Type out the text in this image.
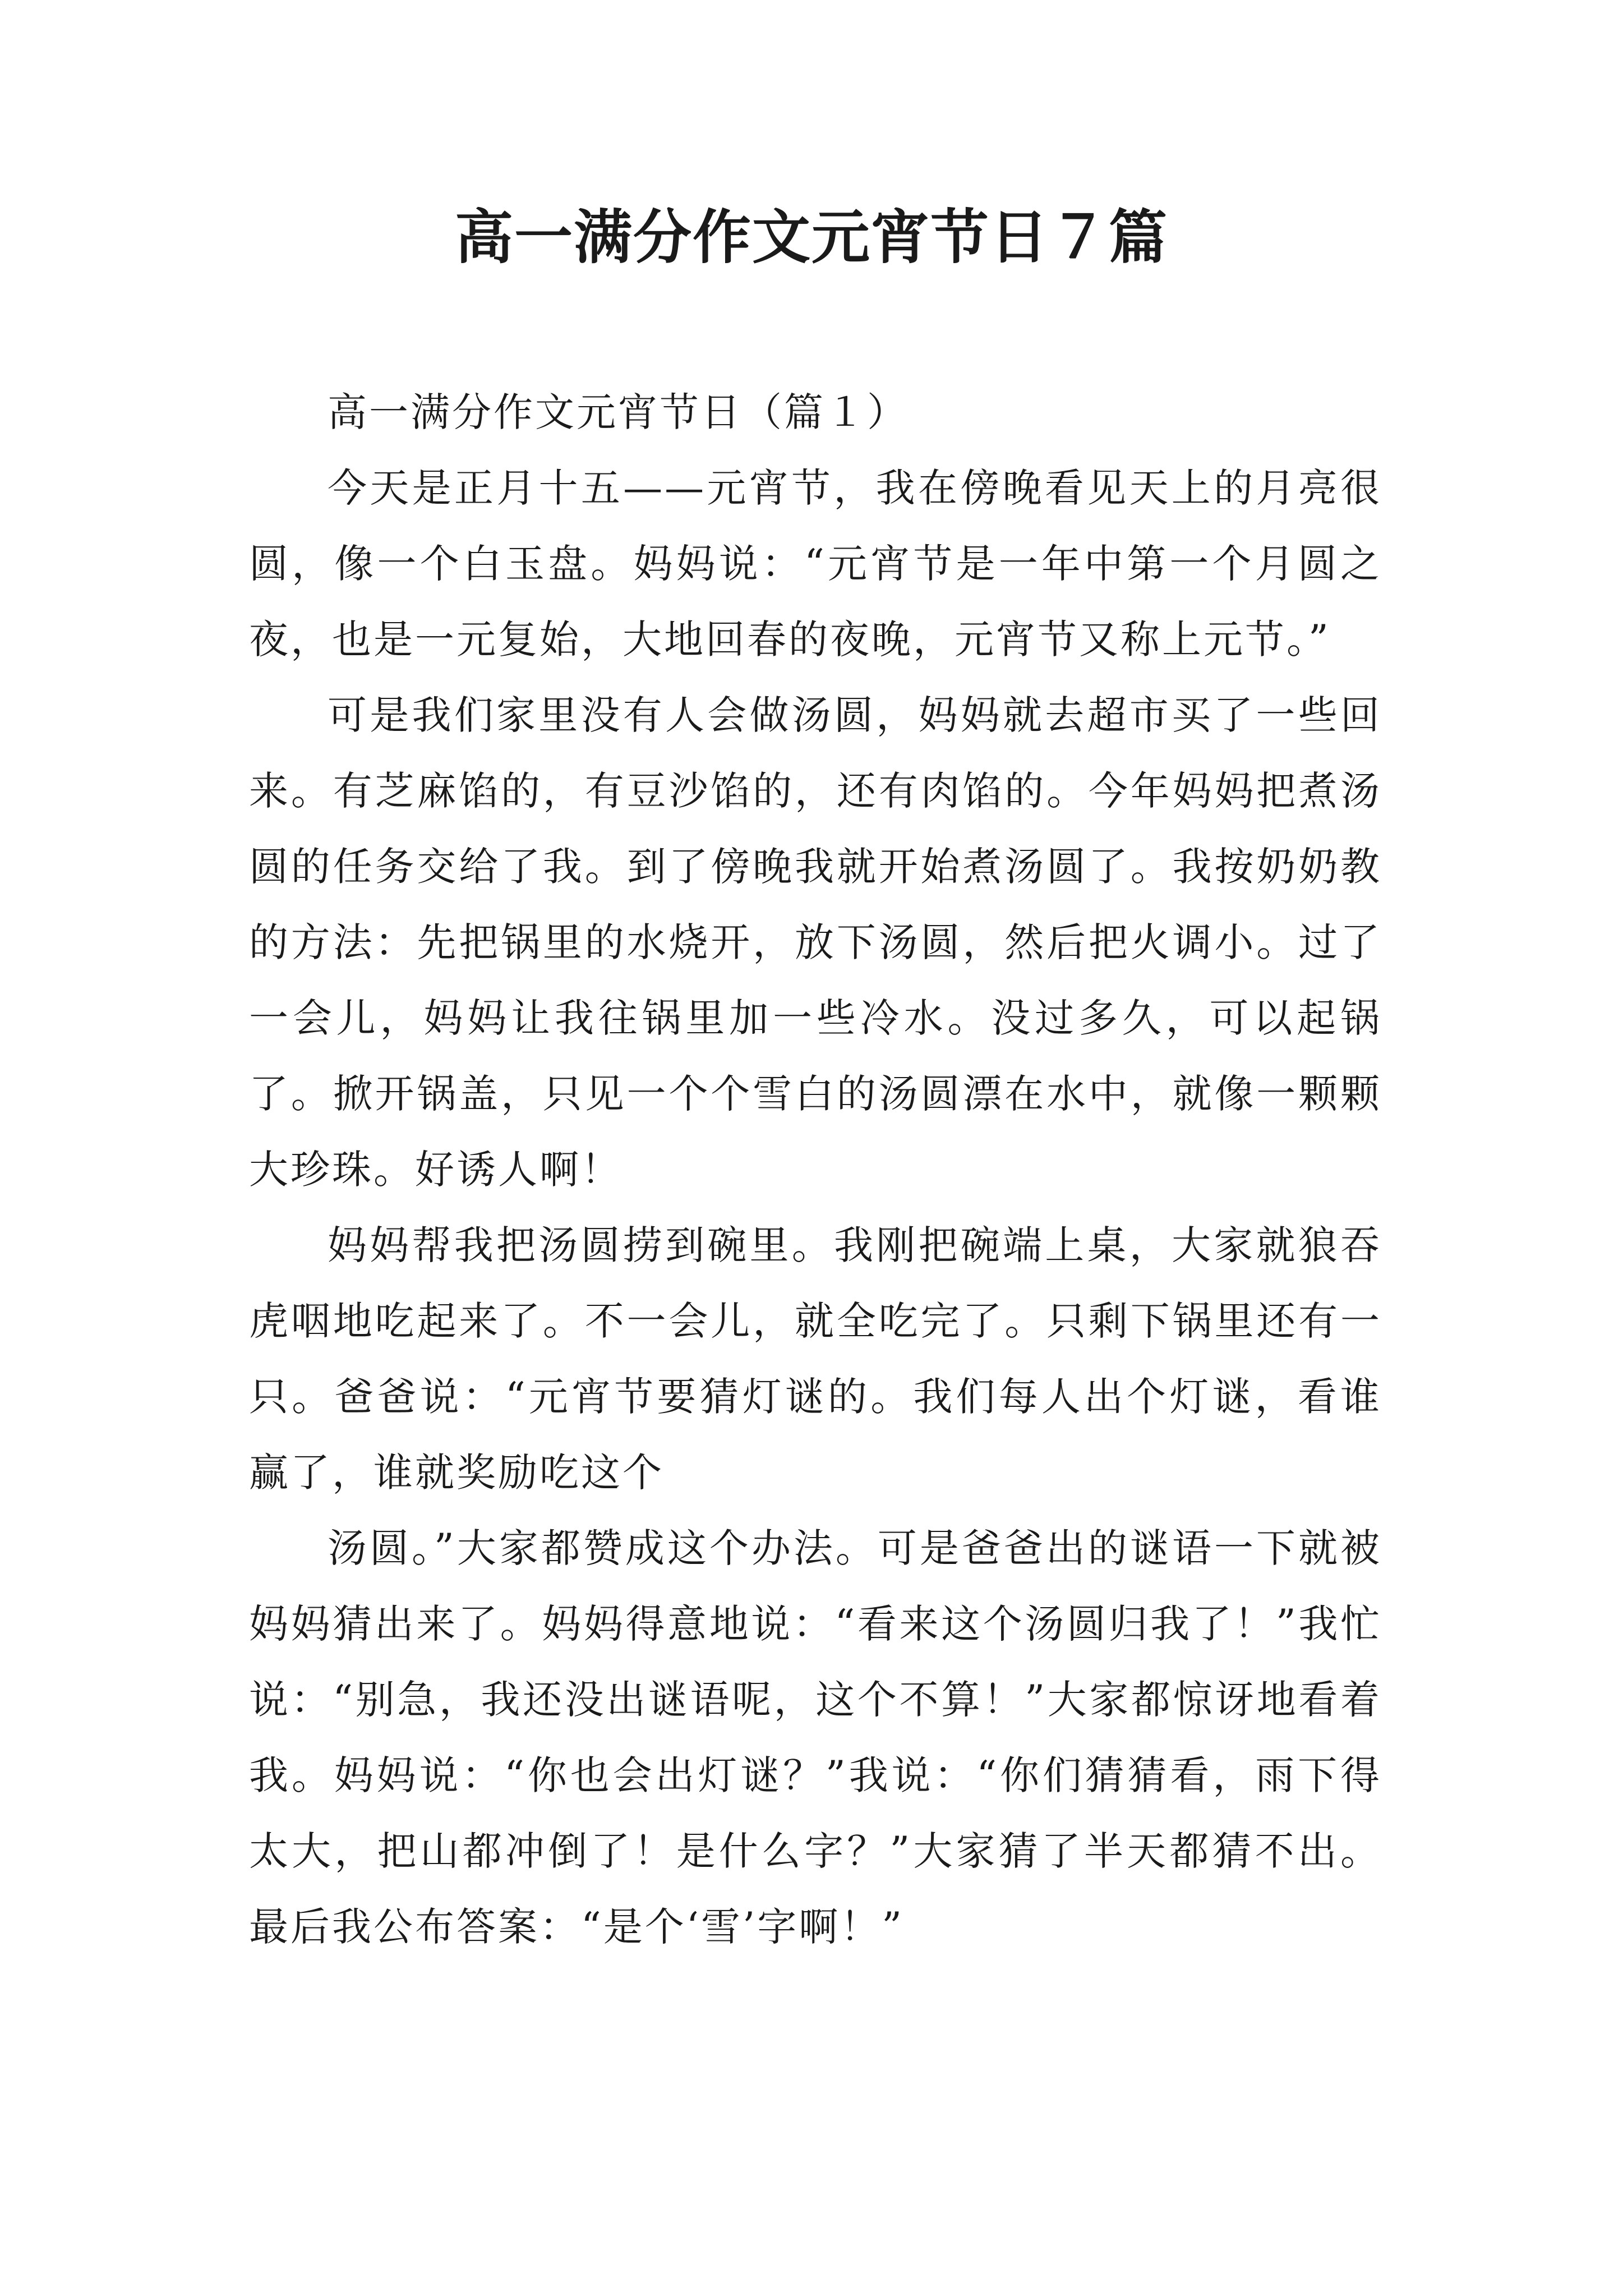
高一满分作文元宵节日７篇
高一满分作文元宵节日（篇１）

今天是正月十五——元宵节，我在傍晚看见天上的月亮很圆，像一个白玉盘。妈妈说：“元宵节是一年中第一个月圆之夜，也是一元复始，大地回春的夜晚，元宵节又称上元节。”

可是我们家里没有人会做汤圆，妈妈就去超市买了一些回来。有芝麻馅的，有豆沙馅的，还有肉馅的。今年妈妈把煮汤圆的任务交给了我。到了傍晚我就开始煮汤圆了。我按奶奶教的方法：先把锅里的水烧开，放下汤圆，然后把火调小。过了一会儿，妈妈让我往锅里加一些冷水。没过多久，可以起锅了。掀开锅盖，只见一个个雪白的汤圆漂在水中，就像一颗颗大珍珠。好诱人啊！

妈妈帮我把汤圆捞到碗里。我刚把碗端上桌，大家就狼吞虎咽地吃起来了。不一会儿，就全吃完了。只剩下锅里还有一只。爸爸说：“元宵节要猜灯谜的。我们每人出个灯谜，看谁赢了，谁就奖励吃这个

汤圆。”大家都赞成这个办法。可是爸爸出的谜语一下就被妈妈猜出来了。妈妈得意地说：“看来这个汤圆归我了！”我忙说：“别急，我还没出谜语呢，这个不算！”大家都惊讶地看着我。妈妈说：“你也会出灯谜？”我说：“你们猜猜看，雨下得太大，把山都冲倒了！是什么字？”大家猜了半天都猜不出。最后我公布答案：“是个‘雪’字啊！”
